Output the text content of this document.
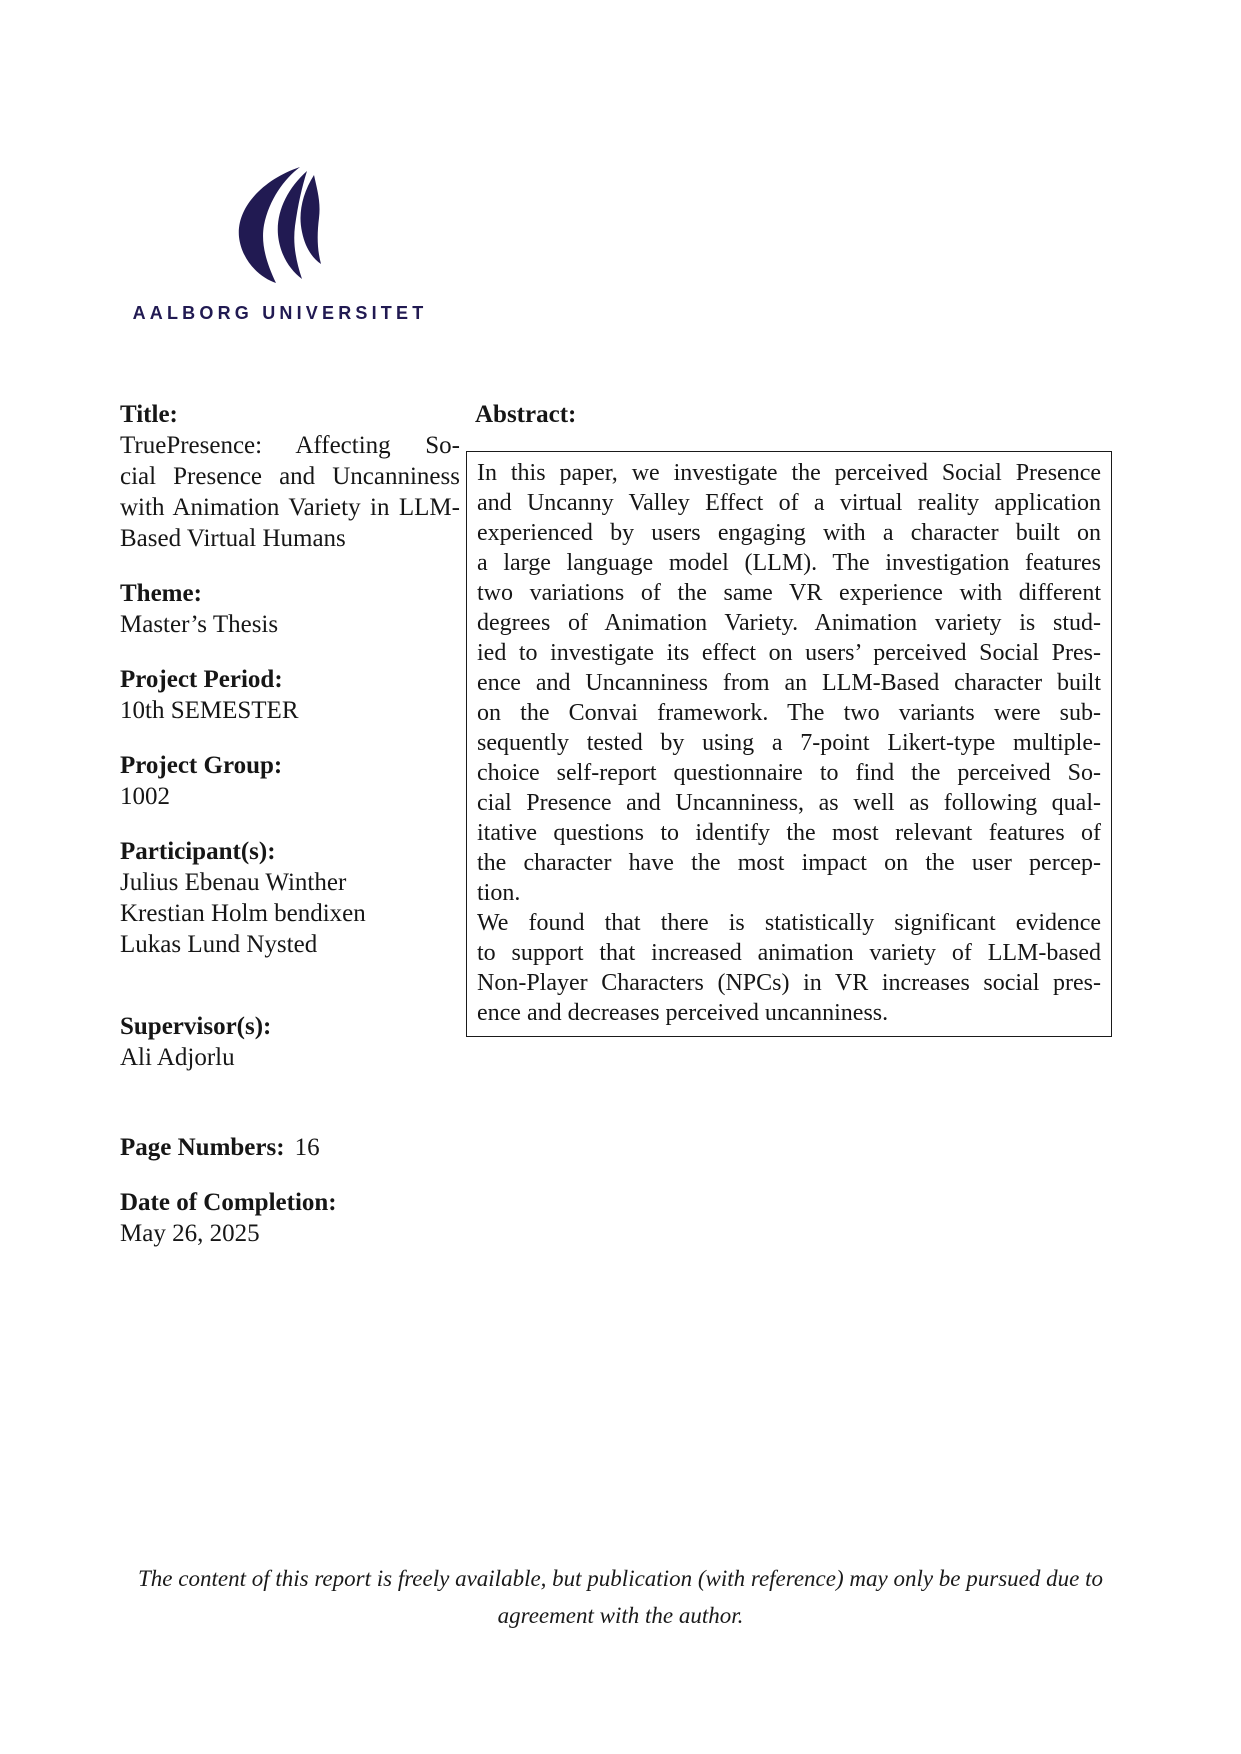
AALBORG UNIVERSITET
Title:
TruePresence: Affecting So-
cial Presence and Uncanniness
with Animation Variety in LLM-
Based Virtual Humans
Theme:
Master’s Thesis
Project Period:
10th SEMESTER
Project Group:
1002
Participant(s):
Julius Ebenau Winther
Krestian Holm bendixen
Lukas Lund Nysted
Supervisor(s):
Ali Adjorlu
Page Numbers: 16
Date of Completion:
May 26, 2025
Abstract:
In this paper, we investigate the perceived Social Presence
and Uncanny Valley Effect of a virtual reality application
experienced by users engaging with a character built on
a large language model (LLM). The investigation features
two variations of the same VR experience with different
degrees of Animation Variety. Animation variety is stud-
ied to investigate its effect on users’ perceived Social Pres-
ence and Uncanniness from an LLM-Based character built
on the Convai framework. The two variants were sub-
sequently tested by using a 7-point Likert-type multiple-
choice self-report questionnaire to find the perceived So-
cial Presence and Uncanniness, as well as following qual-
itative questions to identify the most relevant features of
the character have the most impact on the user percep-
tion.
We found that there is statistically significant evidence
to support that increased animation variety of LLM-based
Non-Player Characters (NPCs) in VR increases social pres-
ence and decreases perceived uncanniness.
The content of this report is freely available, but publication (with reference) may only be pursued due to
agreement with the author.
